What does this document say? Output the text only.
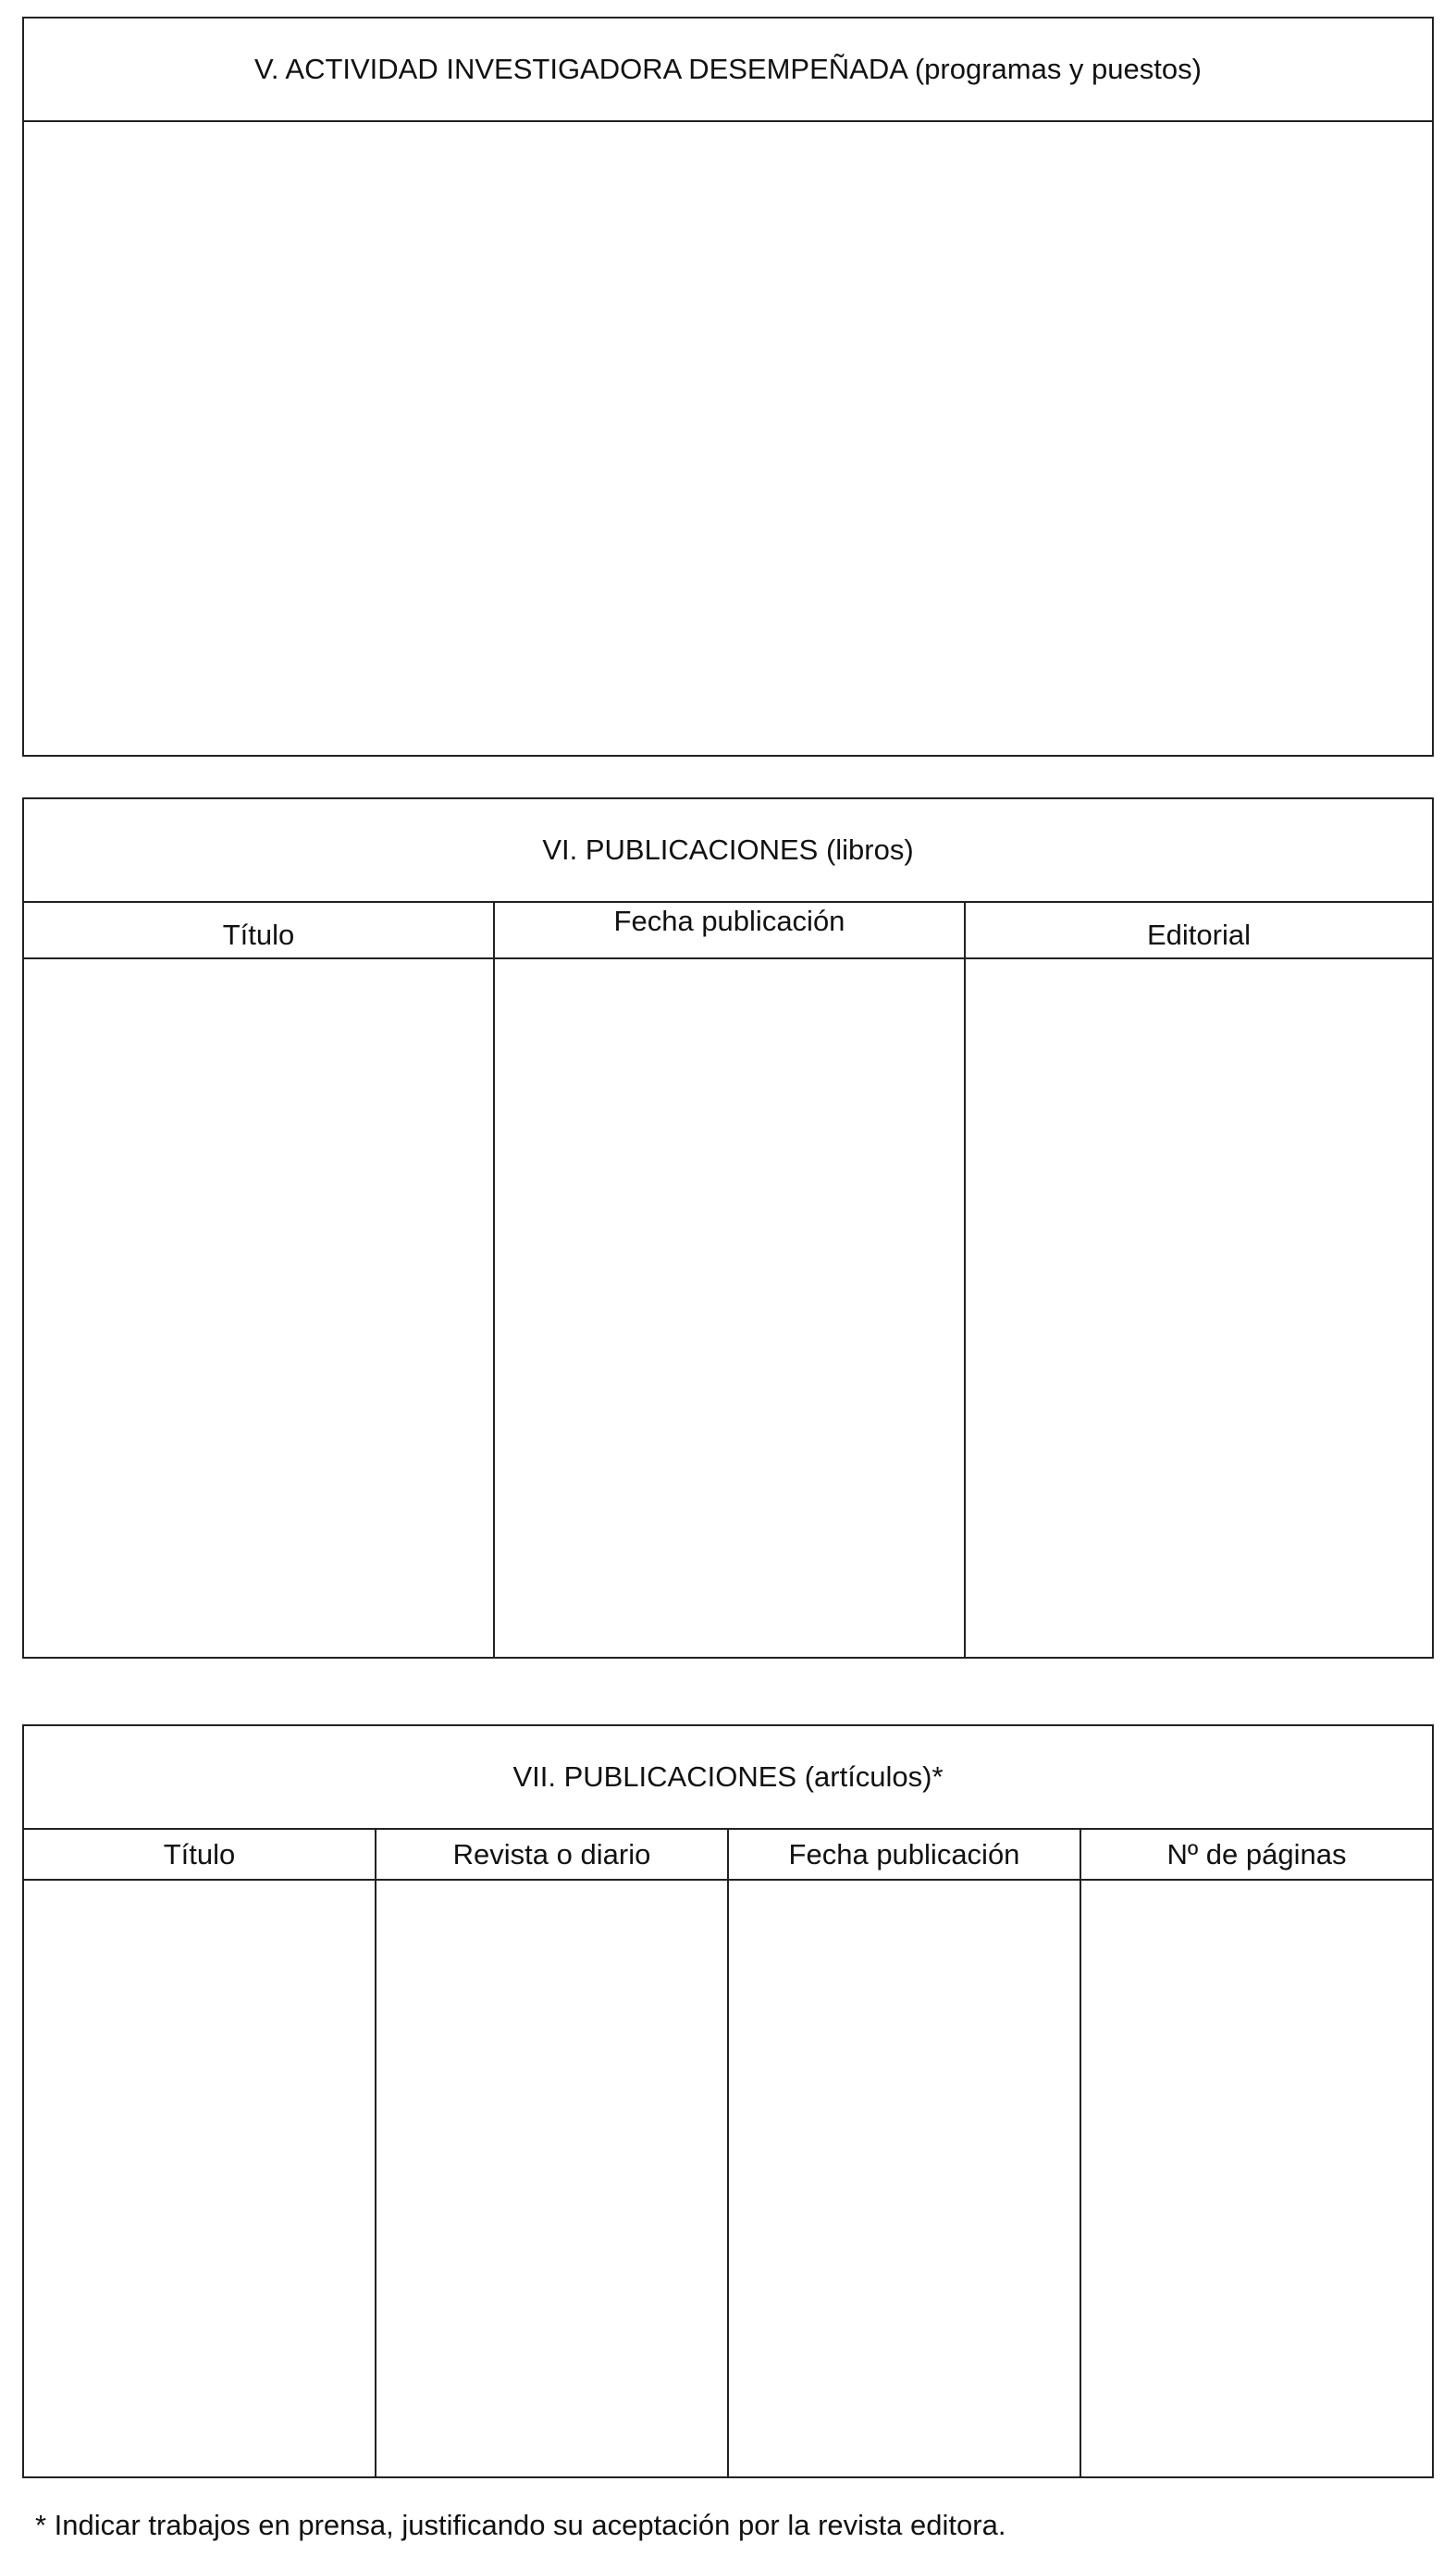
V. ACTIVIDAD INVESTIGADORA DESEMPEÑADA (programas y puestos)
VI. PUBLICACIONES (libros)
Título	Fecha publicación	Editorial
VII. PUBLICACIONES (artículos)*
Título	Revista o diario	Fecha publicación	Nº de páginas
* Indicar trabajos en prensa, justificando su aceptación por la revista editora.
